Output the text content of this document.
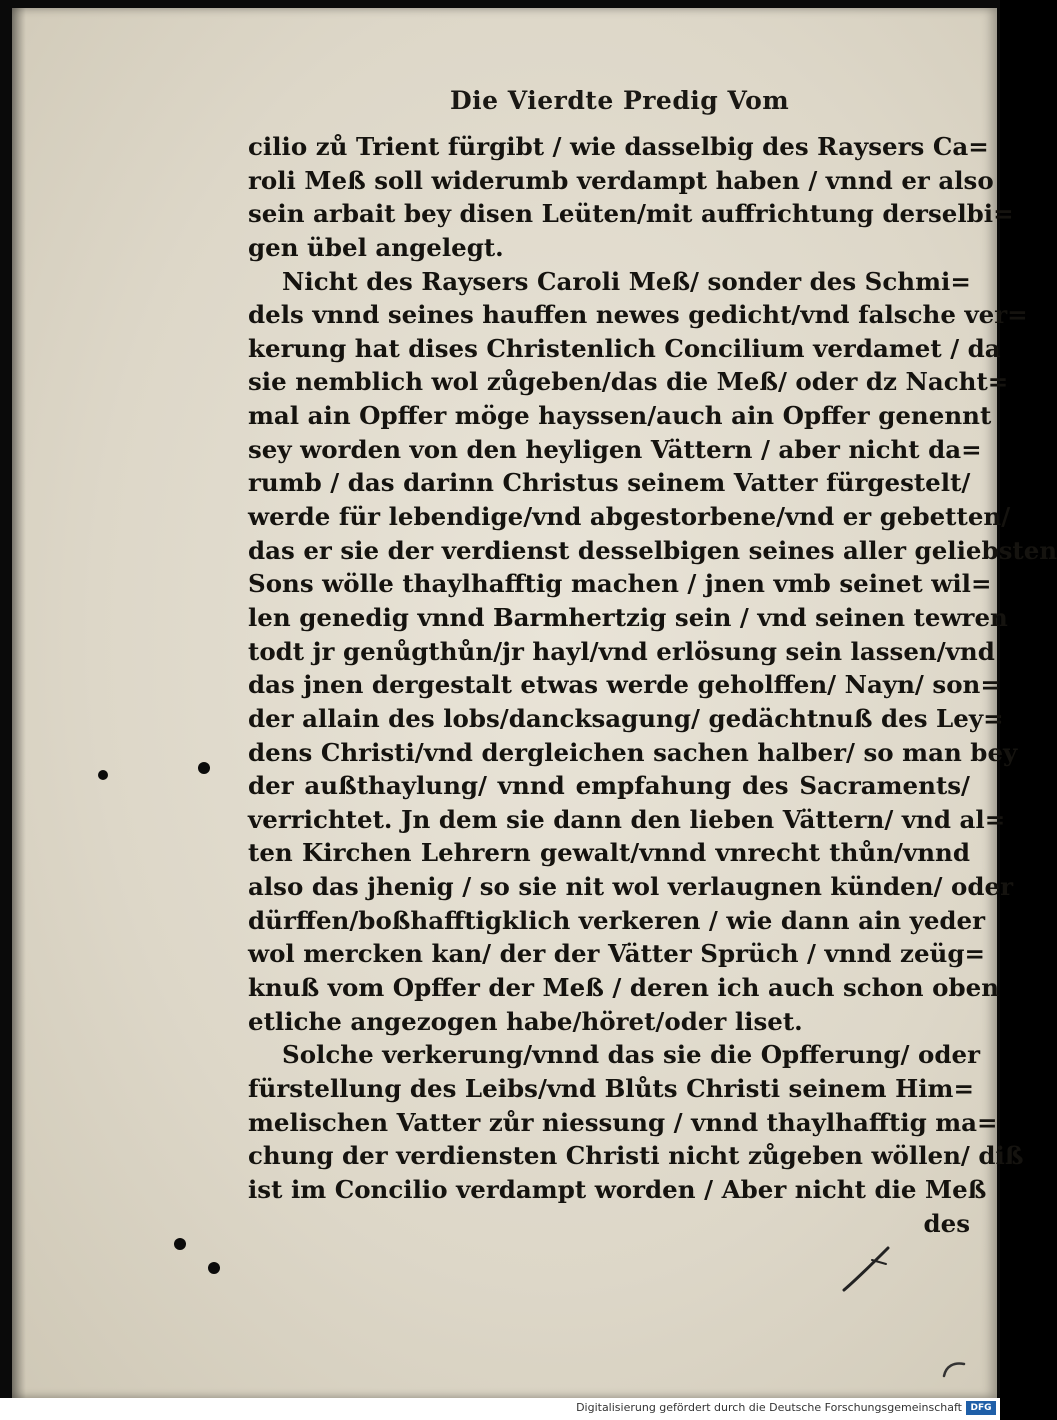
Die Vierdte Predig Vom
cilio zů Trient fürgibt / wie dasselbig des Raysers Ca=
roli Meß soll widerumb verdampt haben / vnnd er also
sein arbait bey disen Leüten/mit auffrichtung derselbi=
gen übel angelegt.
Nicht des Raysers Caroli Meß/ sonder des Schmi=
dels vnnd seines hauffen newes gedicht/vnd falsche ver=
kerung hat dises Christenlich Concilium verdamet / da
sie nemblich wol zůgeben/das die Meß/ oder dz Nacht=
mal ain Opffer möge hayssen/auch ain Opffer genennt
sey worden von den heyligen Vättern / aber nicht da=
rumb / das darinn Christus seinem Vatter fürgestelt/
werde für lebendige/vnd abgestorbene/vnd er gebetten/
das er sie der verdienst desselbigen seines aller geliebsten
Sons wölle thaylhafftig machen / jnen vmb seinet wil=
len genedig vnnd Barmhertzig sein / vnd seinen tewren
todt jr genůgthůn/jr hayl/vnd erlösung sein lassen/vnd
das jnen dergestalt etwas werde geholffen/ Nayn/ son=
der allain des lobs/dancksagung/ gedächtnuß des Ley=
dens Christi/vnd dergleichen sachen halber/ so man bey
der außthaylung/ vnnd empfahung des Sacraments/
verrichtet. Jn dem sie dann den lieben Vättern/ vnd al=
ten Kirchen Lehrern gewalt/vnnd vnrecht thůn/vnnd
also das jhenig / so sie nit wol verlaugnen künden/ oder
dürffen/boßhafftigklich verkeren / wie dann ain yeder
wol mercken kan/ der der Vätter Sprüch / vnnd zeüg=
knuß vom Opffer der Meß / deren ich auch schon oben
etliche angezogen habe/höret/oder liset.
Solche verkerung/vnnd das sie die Opfferung/ oder
fürstellung des Leibs/vnd Blůts Christi seinem Him=
melischen Vatter zůr niessung / vnnd thaylhafftig ma=
chung der verdiensten Christi nicht zůgeben wöllen/ diß
ist im Concilio verdampt worden / Aber nicht die Meß
des
Digitalisierung gefördert durch die Deutsche Forschungsgemeinschaft DFG
